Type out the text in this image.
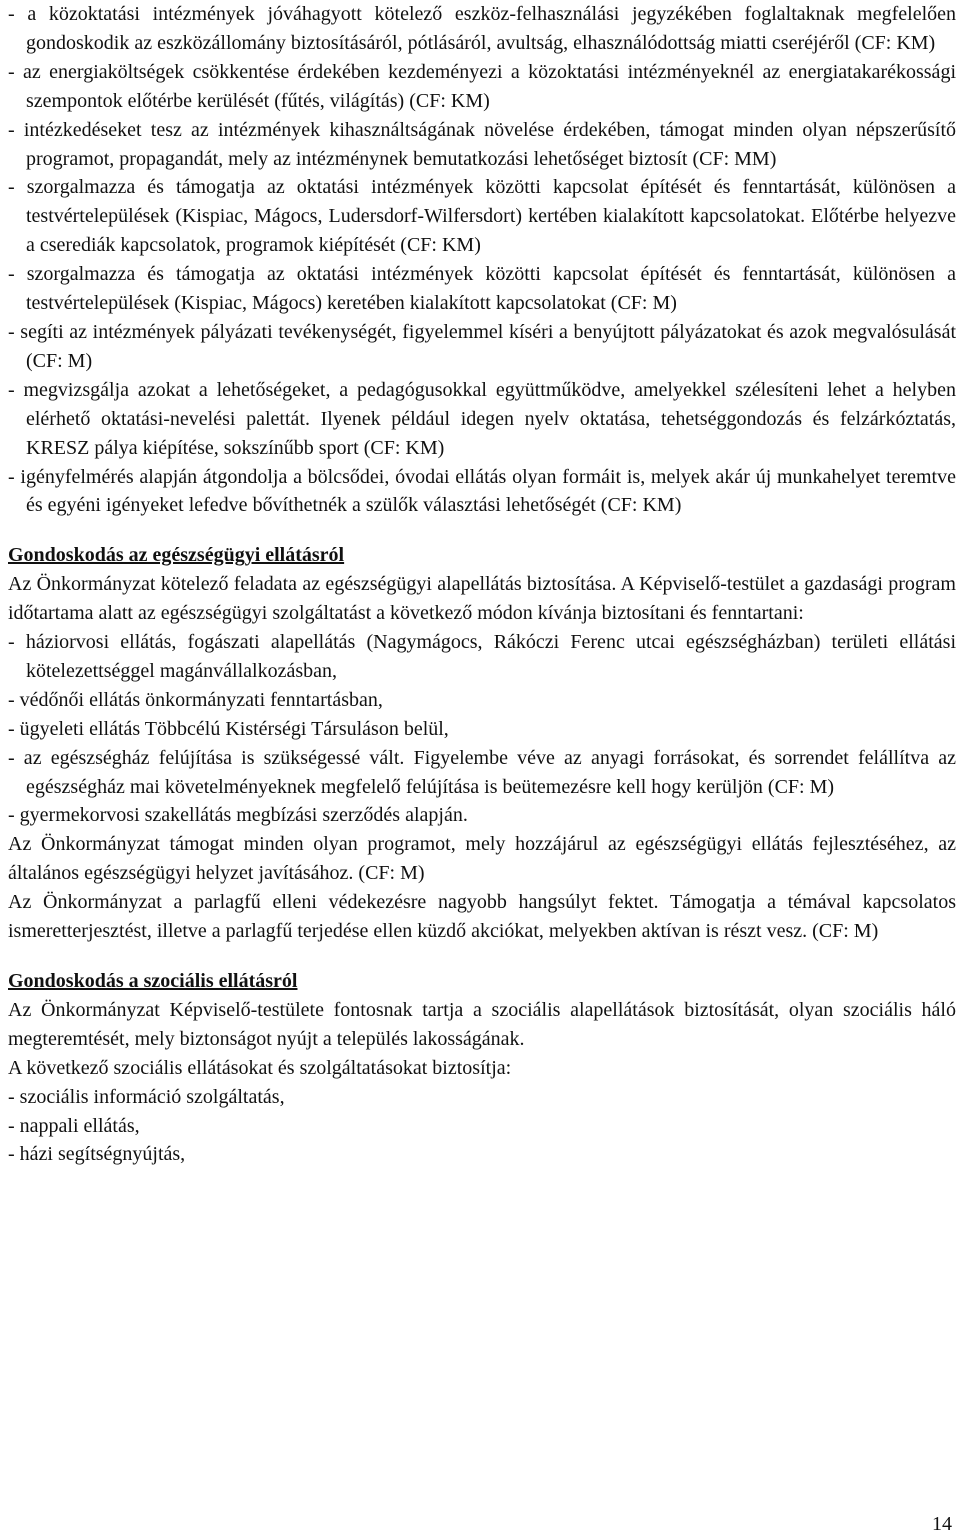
- a közoktatási intézmények jóváhagyott kötelező eszköz-felhasználási jegyzékében foglaltaknak megfelelően gondoskodik az eszközállomány biztosításáról, pótlásáról, avultság, elhasználódottság miatti cseréjéről (CF: KM)

- az energiaköltségek csökkentése érdekében kezdeményezi a közoktatási intézményeknél az energiatakarékossági szempontok előtérbe kerülését (fűtés, világítás) (CF: KM)

- intézkedéseket tesz az intézmények kihasználtságának növelése érdekében, támogat minden olyan népszerűsítő programot, propagandát, mely az intézménynek bemutatkozási lehetőséget biztosít (CF: MM)

- szorgalmazza és támogatja az oktatási intézmények közötti kapcsolat építését és fenntartását, különösen a testvértelepülések (Kispiac, Mágocs, Ludersdorf-Wilfersdort) kertében kialakított kapcsolatokat. Előtérbe helyezve a cserediák kapcsolatok, programok kiépítését (CF: KM)

- szorgalmazza és támogatja az oktatási intézmények közötti kapcsolat építését és fenntartását, különösen a testvértelepülések (Kispiac, Mágocs) keretében kialakított kapcsolatokat (CF: M)

- segíti az intézmények pályázati tevékenységét, figyelemmel kíséri a benyújtott pályázatokat és azok megvalósulását (CF: M)

- megvizsgálja azokat a lehetőségeket, a pedagógusokkal együttműködve, amelyekkel szélesíteni lehet a helyben elérhető oktatási-nevelési palettát. Ilyenek például idegen nyelv oktatása, tehetséggondozás és felzárkóztatás, KRESZ pálya kiépítése, sokszínűbb sport (CF: KM)

- igényfelmérés alapján átgondolja a bölcsődei, óvodai ellátás olyan formáit is, melyek akár új munkahelyet teremtve és egyéni igényeket lefedve bővíthetnék a szülők választási lehetőségét (CF: KM)

Gondoskodás az egészségügyi ellátásról

Az Önkormányzat kötelező feladata az egészségügyi alapellátás biztosítása. A Képviselő-testület a gazdasági program időtartama alatt az egészségügyi szolgáltatást a következő módon kívánja biztosítani és fenntartani:

- háziorvosi ellátás, fogászati alapellátás (Nagymágocs, Rákóczi Ferenc utcai egészségházban) területi ellátási kötelezettséggel magánvállalkozásban,

- védőnői ellátás önkormányzati fenntartásban,

- ügyeleti ellátás Többcélú Kistérségi Társuláson belül,

- az egészségház felújítása is szükségessé vált. Figyelembe véve az anyagi forrásokat, és sorrendet felállítva az egészségház mai követelményeknek megfelelő felújítása is beütemezésre kell hogy kerüljön (CF: M)

- gyermekorvosi szakellátás megbízási szerződés alapján.

Az Önkormányzat támogat minden olyan programot, mely hozzájárul az egészségügyi ellátás fejlesztéséhez, az általános egészségügyi helyzet javításához. (CF: M)

Az Önkormányzat a parlagfű elleni védekezésre nagyobb hangsúlyt fektet. Támogatja a témával kapcsolatos ismeretterjesztést, illetve a parlagfű terjedése ellen küzdő akciókat, melyekben aktívan is részt vesz. (CF: M)

Gondoskodás a szociális ellátásról

Az Önkormányzat Képviselő-testülete fontosnak tartja a szociális alapellátások biztosítását, olyan szociális háló megteremtését, mely biztonságot nyújt a település lakosságának.

A következő szociális ellátásokat és szolgáltatásokat biztosítja:

- szociális információ szolgáltatás,

- nappali ellátás,

- házi segítségnyújtás,

14
